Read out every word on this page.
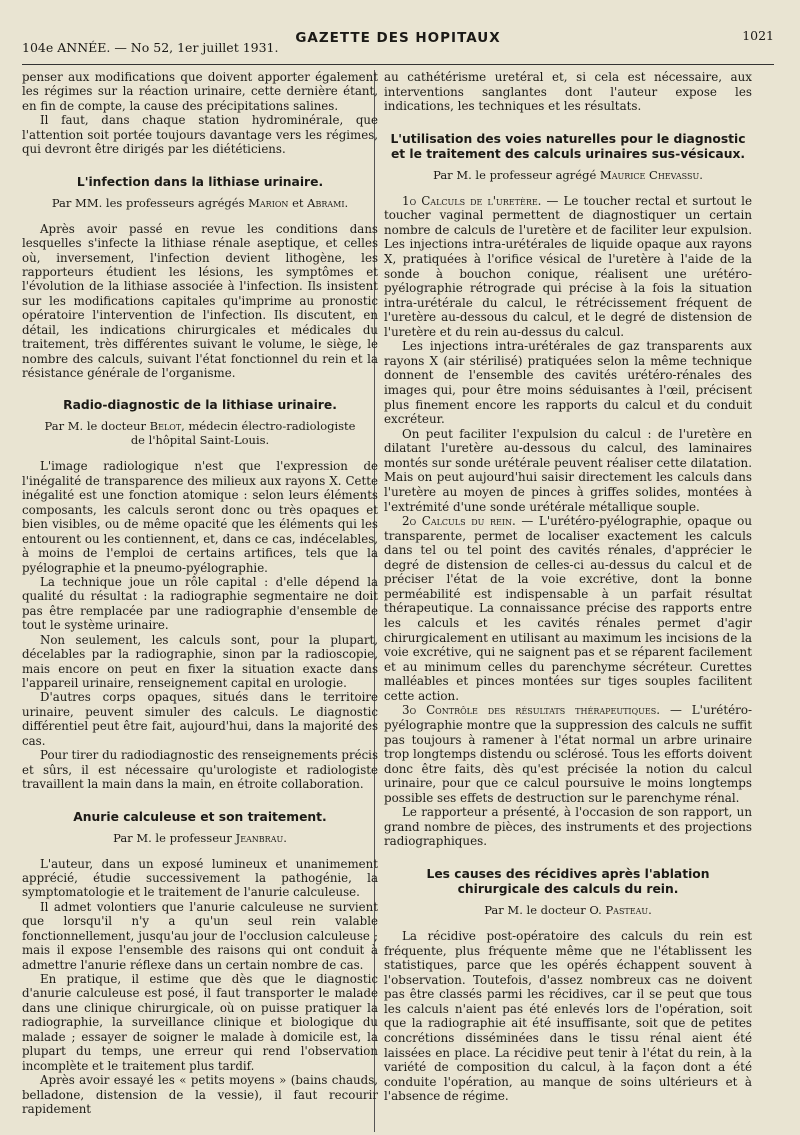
104e ANNÉE. — No 52, 1er juillet 1931.
GAZETTE DES HOPITAUX	1021

penser aux modifications que doivent apporter également les régimes sur la réaction urinaire, cette dernière étant, en fin de compte, la cause des précipitations salines.

Il faut, dans chaque station hydrominérale, que l'attention soit portée toujours davantage vers les régimes, qui devront être dirigés par les diététiciens.

L'infection dans la lithiase urinaire.
Par MM. les professeurs agrégés Marion et Abrami.

Après avoir passé en revue les conditions dans lesquelles s'infecte la lithiase rénale aseptique, et celles où, inversement, l'infection devient lithogène, les rapporteurs étudient les lésions, les symptômes et l'évolution de la lithiase associée à l'infection. Ils insistent sur les modifications capitales qu'imprime au pronostic opératoire l'intervention de l'infection. Ils discutent, en détail, les indications chirurgicales et médicales du traitement, très différentes suivant le volume, le siège, le nombre des calculs, suivant l'état fonctionnel du rein et la résistance générale de l'organisme.

Radio-diagnostic de la lithiase urinaire.
Par M. le docteur Belot, médecin électro-radiologiste
de l'hôpital Saint-Louis.

L'image radiologique n'est que l'expression de l'inégalité de transparence des milieux aux rayons X. Cette inégalité est une fonction atomique : selon leurs éléments composants, les calculs seront donc ou très opaques et bien visibles, ou de même opacité que les éléments qui les entourent ou les contiennent, et, dans ce cas, indécelables, à moins de l'emploi de certains artifices, tels que la pyélographie et la pneumo-pyélographie.

La technique joue un rôle capital : d'elle dépend la qualité du résultat : la radiographie segmentaire ne doit pas être remplacée par une radiographie d'ensemble de tout le système urinaire.

Non seulement, les calculs sont, pour la plupart, décelables par la radiographie, sinon par la radioscopie, mais encore on peut en fixer la situation exacte dans l'appareil urinaire, renseignement capital en urologie.

D'autres corps opaques, situés dans le territoire urinaire, peuvent simuler des calculs. Le diagnostic différentiel peut être fait, aujourd'hui, dans la majorité des cas.

Pour tirer du radiodiagnostic des renseignements précis et sûrs, il est nécessaire qu'urologiste et radiologiste travaillent la main dans la main, en étroite collaboration.

Anurie calculeuse et son traitement.
Par M. le professeur Jeanbrau.

L'auteur, dans un exposé lumineux et unanimement apprécié, étudie successivement la pathogénie, la symptomatologie et le traitement de l'anurie calculeuse.

Il admet volontiers que l'anurie calculeuse ne survient que lorsqu'il n'y a qu'un seul rein valable fonctionnellement, jusqu'au jour de l'occlusion calculeuse ; mais il expose l'ensemble des raisons qui ont conduit à admettre l'anurie réflexe dans un certain nombre de cas.

En pratique, il estime que dès que le diagnostic d'anurie calculeuse est posé, il faut transporter le malade dans une clinique chirurgicale, où on puisse pratiquer la radiographie, la surveillance clinique et biologique du malade ; essayer de soigner le malade à domicile est, la plupart du temps, une erreur qui rend l'observation incomplète et le traitement plus tardif.

Après avoir essayé les « petits moyens » (bains chauds, belladone, distension de la vessie), il faut recourir rapidement

au cathétérisme uretéral et, si cela est nécessaire, aux interventions sanglantes dont l'auteur expose les indications, les techniques et les résultats.

L'utilisation des voies naturelles pour le diagnostic et le traitement des calculs urinaires sus-vésicaux.
Par M. le professeur agrégé Maurice Chevassu.

1o Calculs de l'uretère. — Le toucher rectal et surtout le toucher vaginal permettent de diagnostiquer un certain nombre de calculs de l'uretère et de faciliter leur expulsion. Les injections intra-urétérales de liquide opaque aux rayons X, pratiquées à l'orifice vésical de l'uretère à l'aide de la sonde à bouchon conique, réalisent une urétéro-pyélographie rétrograde qui précise à la fois la situation intra-urétérale du calcul, le rétrécissement fréquent de l'uretère au-dessous du calcul, et le degré de distension de l'uretère et du rein au-dessus du calcul.

Les injections intra-urétérales de gaz transparents aux rayons X (air stérilisé) pratiquées selon la même technique donnent de l'ensemble des cavités urétéro-rénales des images qui, pour être moins séduisantes à l'œil, précisent plus finement encore les rapports du calcul et du conduit excréteur.

On peut faciliter l'expulsion du calcul : de l'uretère en dilatant l'uretère au-dessous du calcul, des laminaires montés sur sonde urétérale peuvent réaliser cette dilatation. Mais on peut aujourd'hui saisir directement les calculs dans l'uretère au moyen de pinces à griffes solides, montées à l'extrémité d'une sonde urétérale métallique souple.

2o Calculs du rein. — L'urétéro-pyélographie, opaque ou transparente, permet de localiser exactement les calculs dans tel ou tel point des cavités rénales, d'apprécier le degré de distension de celles-ci au-dessus du calcul et de préciser l'état de la voie excrétive, dont la bonne perméabilité est indispensable à un parfait résultat thérapeutique. La connaissance précise des rapports entre les calculs et les cavités rénales permet d'agir chirurgicalement en utilisant au maximum les incisions de la voie excrétive, qui ne saignent pas et se réparent facilement et au minimum celles du parenchyme sécréteur. Curettes malléables et pinces montées sur tiges souples facilitent cette action.

3o Contrôle des résultats thérapeutiques. — L'urétéro-pyélographie montre que la suppression des calculs ne suffit pas toujours à ramener à l'état normal un arbre urinaire trop longtemps distendu ou sclérosé. Tous les efforts doivent donc être faits, dès qu'est précisée la notion du calcul urinaire, pour que ce calcul poursuive le moins longtemps possible ses effets de destruction sur le parenchyme rénal.

Le rapporteur a présenté, à l'occasion de son rapport, un grand nombre de pièces, des instruments et des projections radiographiques.

Les causes des récidives après l'ablation chirurgicale des calculs du rein.
Par M. le docteur O. Pasteau.

La récidive post-opératoire des calculs du rein est fréquente, plus fréquente même que ne l'établissent les statistiques, parce que les opérés échappent souvent à l'observation. Toutefois, d'assez nombreux cas ne doivent pas être classés parmi les récidives, car il se peut que tous les calculs n'aient pas été enlevés lors de l'opération, soit que la radiographie ait été insuffisante, soit que de petites concrétions disséminées dans le tissu rénal aient été laissées en place. La récidive peut tenir à l'état du rein, à la variété de composition du calcul, à la façon dont a été conduite l'opération, au manque de soins ultérieurs et à l'absence de régime.
